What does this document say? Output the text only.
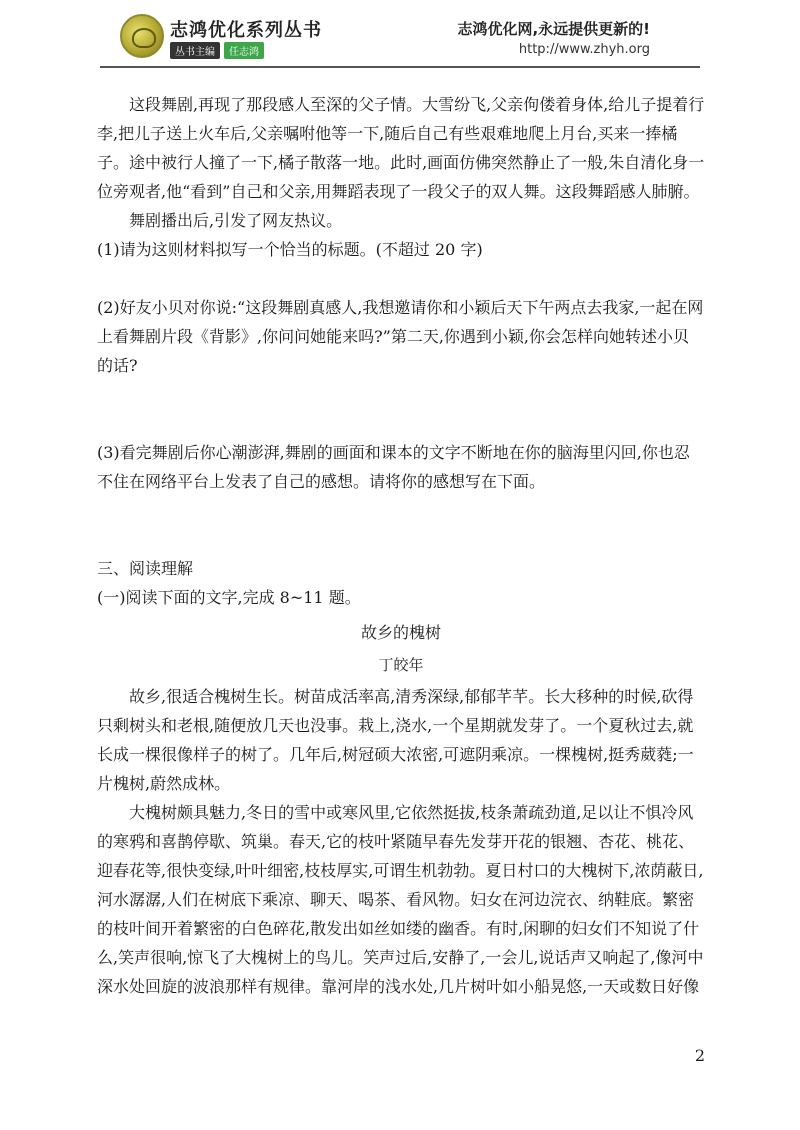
志鸿优化系列丛书
丛书主编	任志鸿
志鸿优化网,永远提供更新的!
http://www.zhyh.org

这段舞剧,再现了那段感人至深的父子情。大雪纷飞,父亲佝偻着身体,给儿子提着行李,把儿子送上火车后,父亲嘱咐他等一下,随后自己有些艰难地爬上月台,买来一捧橘子。途中被行人撞了一下,橘子散落一地。此时,画面仿佛突然静止了一般,朱自清化身一位旁观者,他“看到”自己和父亲,用舞蹈表现了一段父子的双人舞。这段舞蹈感人肺腑。

舞剧播出后,引发了网友热议。

(1)请为这则材料拟写一个恰当的标题。(不超过 20 字)

(2)好友小贝对你说:“这段舞剧真感人,我想邀请你和小颖后天下午两点去我家,一起在网上看舞剧片段《背影》,你问问她能来吗?”第二天,你遇到小颖,你会怎样向她转述小贝的话?

(3)看完舞剧后你心潮澎湃,舞剧的画面和课本的文字不断地在你的脑海里闪回,你也忍不住在网络平台上发表了自己的感想。请将你的感想写在下面。

三、阅读理解

(一)阅读下面的文字,完成 8~11 题。

故乡的槐树

丁皎年

故乡,很适合槐树生长。树苗成活率高,清秀深绿,郁郁芊芊。长大移种的时候,砍得只剩树头和老根,随便放几天也没事。栽上,浇水,一个星期就发芽了。一个夏秋过去,就长成一棵很像样子的树了。几年后,树冠硕大浓密,可遮阴乘凉。一棵槐树,挺秀葳蕤;一片槐树,蔚然成林。

大槐树颇具魅力,冬日的雪中或寒风里,它依然挺拔,枝条萧疏劲道,足以让不惧冷风的寒鸦和喜鹊停歇、筑巢。春天,它的枝叶紧随早春先发芽开花的银翘、杏花、桃花、迎春花等,很快变绿,叶叶细密,枝枝厚实,可谓生机勃勃。夏日村口的大槐树下,浓荫蔽日,河水潺潺,人们在树底下乘凉、聊天、喝茶、看风物。妇女在河边浣衣、纳鞋底。繁密的枝叶间开着繁密的白色碎花,散发出如丝如缕的幽香。有时,闲聊的妇女们不知说了什么,笑声很响,惊飞了大槐树上的鸟儿。笑声过后,安静了,一会儿,说话声又响起了,像河中深水处回旋的波浪那样有规律。靠河岸的浅水处,几片树叶如小船晃悠,一天或数日好像

2
